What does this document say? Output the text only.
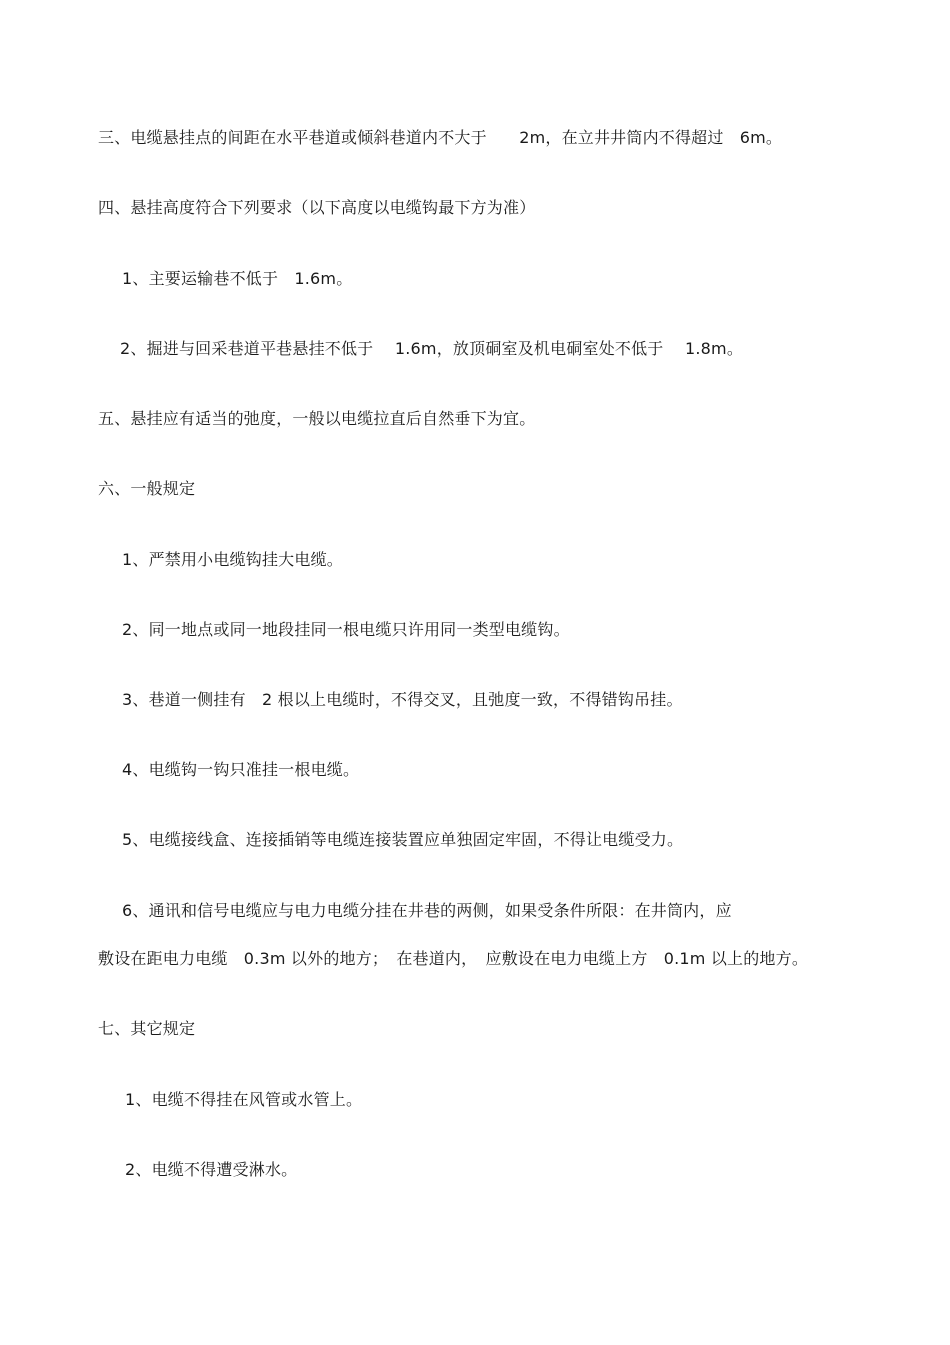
三、电缆悬挂点的间距在水平巷道或倾斜巷道内不大于　　2m，在立井井筒内不得超过　6m。
四、悬挂高度符合下列要求（以下高度以电缆钩最下方为准）
1、主要运输巷不低于　1.6m。
2、掘进与回采巷道平巷悬挂不低于　 1.6m，放顶硐室及机电硐室处不低于　 1.8m。
五、悬挂应有适当的弛度，一般以电缆拉直后自然垂下为宜。
六、一般规定
1、严禁用小电缆钩挂大电缆。
2、同一地点或同一地段挂同一根电缆只许用同一类型电缆钩。
3、巷道一侧挂有　2 根以上电缆时，不得交叉，且弛度一致，不得错钩吊挂。
4、电缆钩一钩只准挂一根电缆。
5、电缆接线盒、连接插销等电缆连接装置应单独固定牢固，不得让电缆受力。
6、通讯和信号电缆应与电力电缆分挂在井巷的两侧，如果受条件所限：在井筒内，应
敷设在距电力电缆　0.3m 以外的地方；　在巷道内，　应敷设在电力电缆上方　0.1m 以上的地方。
七、其它规定
1、电缆不得挂在风管或水管上。
2、电缆不得遭受淋水。
